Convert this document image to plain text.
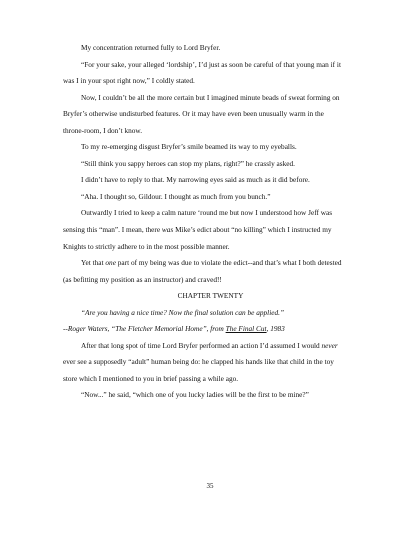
My concentration returned fully to Lord Bryfer.

“For your sake, your alleged ‘lordship’, I’d just as soon be careful of that young man if it

was I in your spot right now,” I coldly stated.

Now, I couldn’t be all the more certain but I imagined minute beads of sweat forming on

Bryfer’s otherwise undisturbed features. Or it may have even been unusually warm in the

throne-room, I don’t know.

To my re-emerging disgust Bryfer’s smile beamed its way to my eyeballs.

“Still think you sappy heroes can stop my plans, right?” he crassly asked.

I didn’t have to reply to that. My narrowing eyes said as much as it did before.

“Aha. I thought so, Gildour. I thought as much from you bunch.”

Outwardly I tried to keep a calm nature ‘round me but now I understood how Jeff was

sensing this “man”. I mean, there was Mike’s edict about “no killing” which I instructed my

Knights to strictly adhere to in the most possible manner.

Yet that one part of my being was due to violate the edict--and that’s what I both detested

(as befitting my position as an instructor) and craved!!

CHAPTER TWENTY

“Are you having a nice time? Now the final solution can be applied.”

--Roger Waters, “The Fletcher Memorial Home”, from The Final Cut, 1983

After that long spot of time Lord Bryfer performed an action I’d assumed I would never

ever see a supposedly “adult” human being do: he clapped his hands like that child in the toy

store which I mentioned to you in brief passing a while ago.

“Now...” he said, “which one of you lucky ladies will be the first to be mine?”

35
